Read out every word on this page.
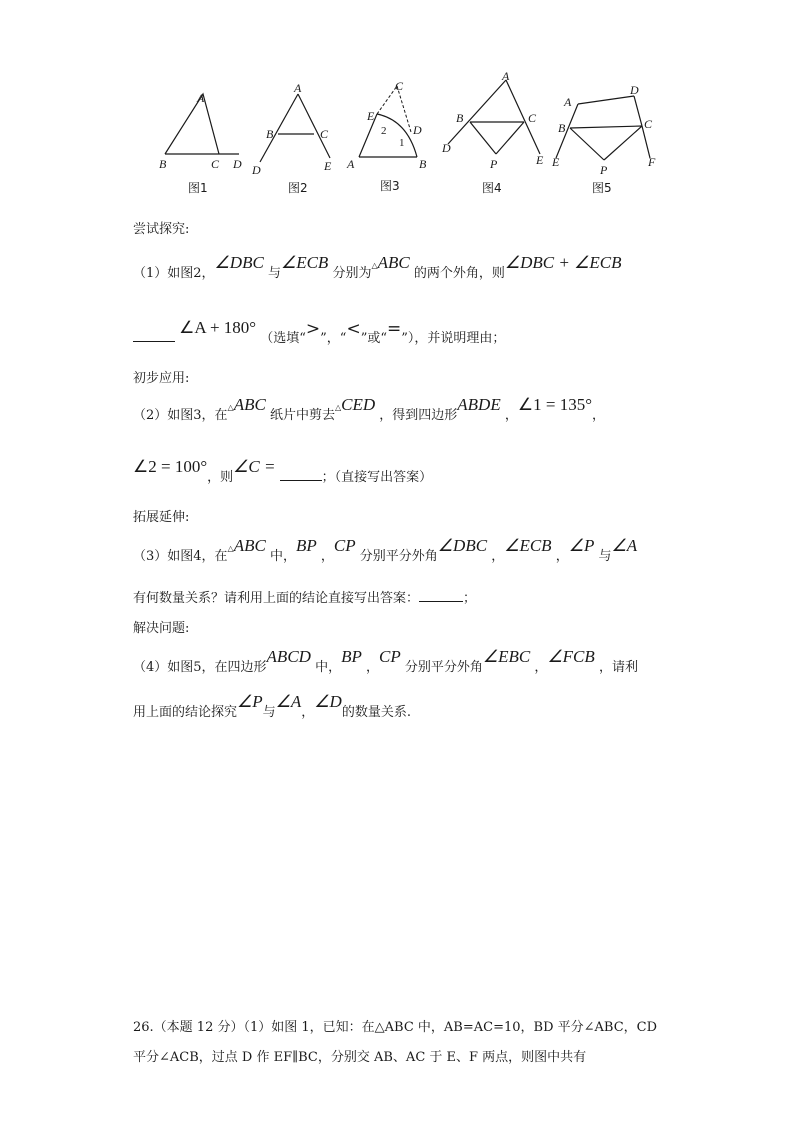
A
B	C D
图1
A
B	C
D	E
图2
C
E
D
A	B
2
1
图3
A
B	C
D
P	E
图4
A
D
B	C
E
P
F
图5
尝试探究:
（1）如图2，∠DBC 与∠ECB 分别为△ABC 的两个外角，则∠DBC + ∠ECB
∠A + 180° （选填“>”，“<”或“=”），并说明理由；
初步应用:
（2）如图3，在△ABC 纸片中剪去△CED ，得到四边形ABDE ，∠1 = 135°，
∠2 = 100°，则∠C = ；（直接写出答案）
拓展延伸:
（3）如图4，在△ABC 中，BP ，CP 分别平分外角∠DBC ，∠ECB ，∠P 与∠A
有何数量关系？请利用上面的结论直接写出答案：	；
解决问题:
（4）如图5，在四边形ABCD 中，BP ，CP 分别平分外角∠EBC ，∠FCB ，请利
用上面的结论探究∠P与∠A，∠D的数量关系.
26.（本题 12 分）（1）如图 1，已知：在△ABC 中，AB=AC=10，BD 平分∠ABC，CD
平分∠ACB，过点 D 作 EF∥BC，分别交 AB、AC 于 E、F 两点，则图中共有
